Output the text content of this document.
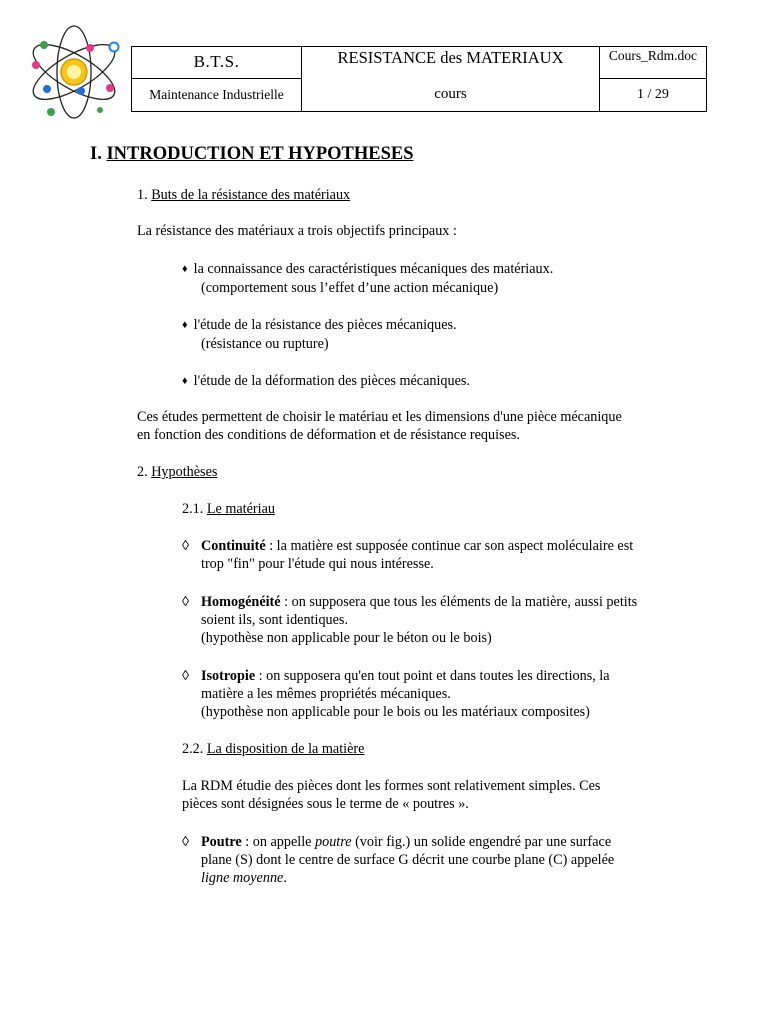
B.T.S.	RESISTANCE des MATERIAUX	Cours_Rdm.doc

Maintenance Industrielle	cours	1 / 29
I. INTRODUCTION ET HYPOTHESES
1. Buts de la résistance des matériaux
La résistance des matériaux a trois objectifs principaux :
♦ la connaissance des caractéristiques mécaniques des matériaux.
(comportement sous l’effet d’une action mécanique)
♦ l'étude de la résistance des pièces mécaniques.
(résistance ou rupture)
♦ l'étude de la déformation des pièces mécaniques.
Ces études permettent de choisir le matériau et les dimensions d'une pièce mécanique
en fonction des conditions de déformation et de résistance requises.
2. Hypothèses
2.1. Le matériau
◊ Continuité : la matière est supposée continue car son aspect moléculaire est
trop "fin" pour l'étude qui nous intéresse.
◊ Homogénéité : on supposera que tous les éléments de la matière, aussi petits
soient ils, sont identiques.
(hypothèse non applicable pour le béton ou le bois)
◊ Isotropie : on supposera qu'en tout point et dans toutes les directions, la
matière a les mêmes propriétés mécaniques.
(hypothèse non applicable pour le bois ou les matériaux composites)
2.2. La disposition de la matière
La RDM étudie des pièces dont les formes sont relativement simples. Ces
pièces sont désignées sous le terme de « poutres ».
◊ Poutre : on appelle poutre (voir fig.) un solide engendré par une surface
plane (S) dont le centre de surface G décrit une courbe plane (C) appelée
ligne moyenne.
